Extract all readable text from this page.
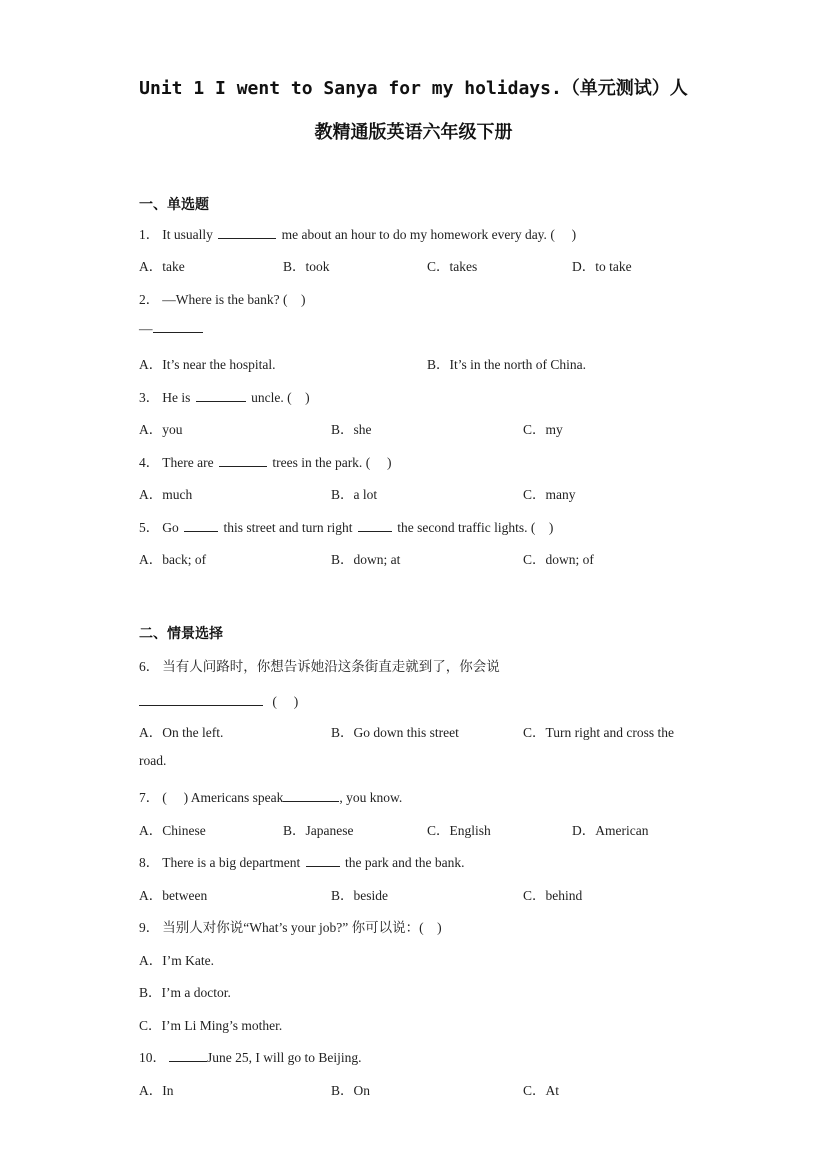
Unit 1 I went to Sanya for my holidays.（单元测试）人
教精通版英语六年级下册
一、单选题
1． It usually	me about an hour to do my homework every day. (　 )
A．take	B．took	C．takes	D．to take
2． —Where is the bank? (　)
—
A．It’s near the hospital.	B．It’s in the north of China.
3． He is	uncle. (　)
A．you	B．she	C．my
4． There are	trees in the park. (　 )
A．much	B．a lot	C．many
5． Go	this street and turn right	the second traffic lights. (　)
A．back; of	B．down; at	C．down; of
二、情景选择
6． 当有人问路时，你想告诉她沿这条街直走就到了，你会说
(　 )
A．On the left.	B．Go down this street	C．Turn right and cross the
road.
7． (　 ) Americans speak	, you know.
A．Chinese	B．Japanese	C．English	D．American
8． There is a big department	the park and the bank.
A．between	B．beside	C．behind
9． 当别人对你说“What’s your job?” 你可以说：(　)
A．I’m Kate.
B．I’m a doctor.
C．I’m Li Ming’s mother.
10．	June 25, I will go to Beijing.
A．In	B．On	C．At
